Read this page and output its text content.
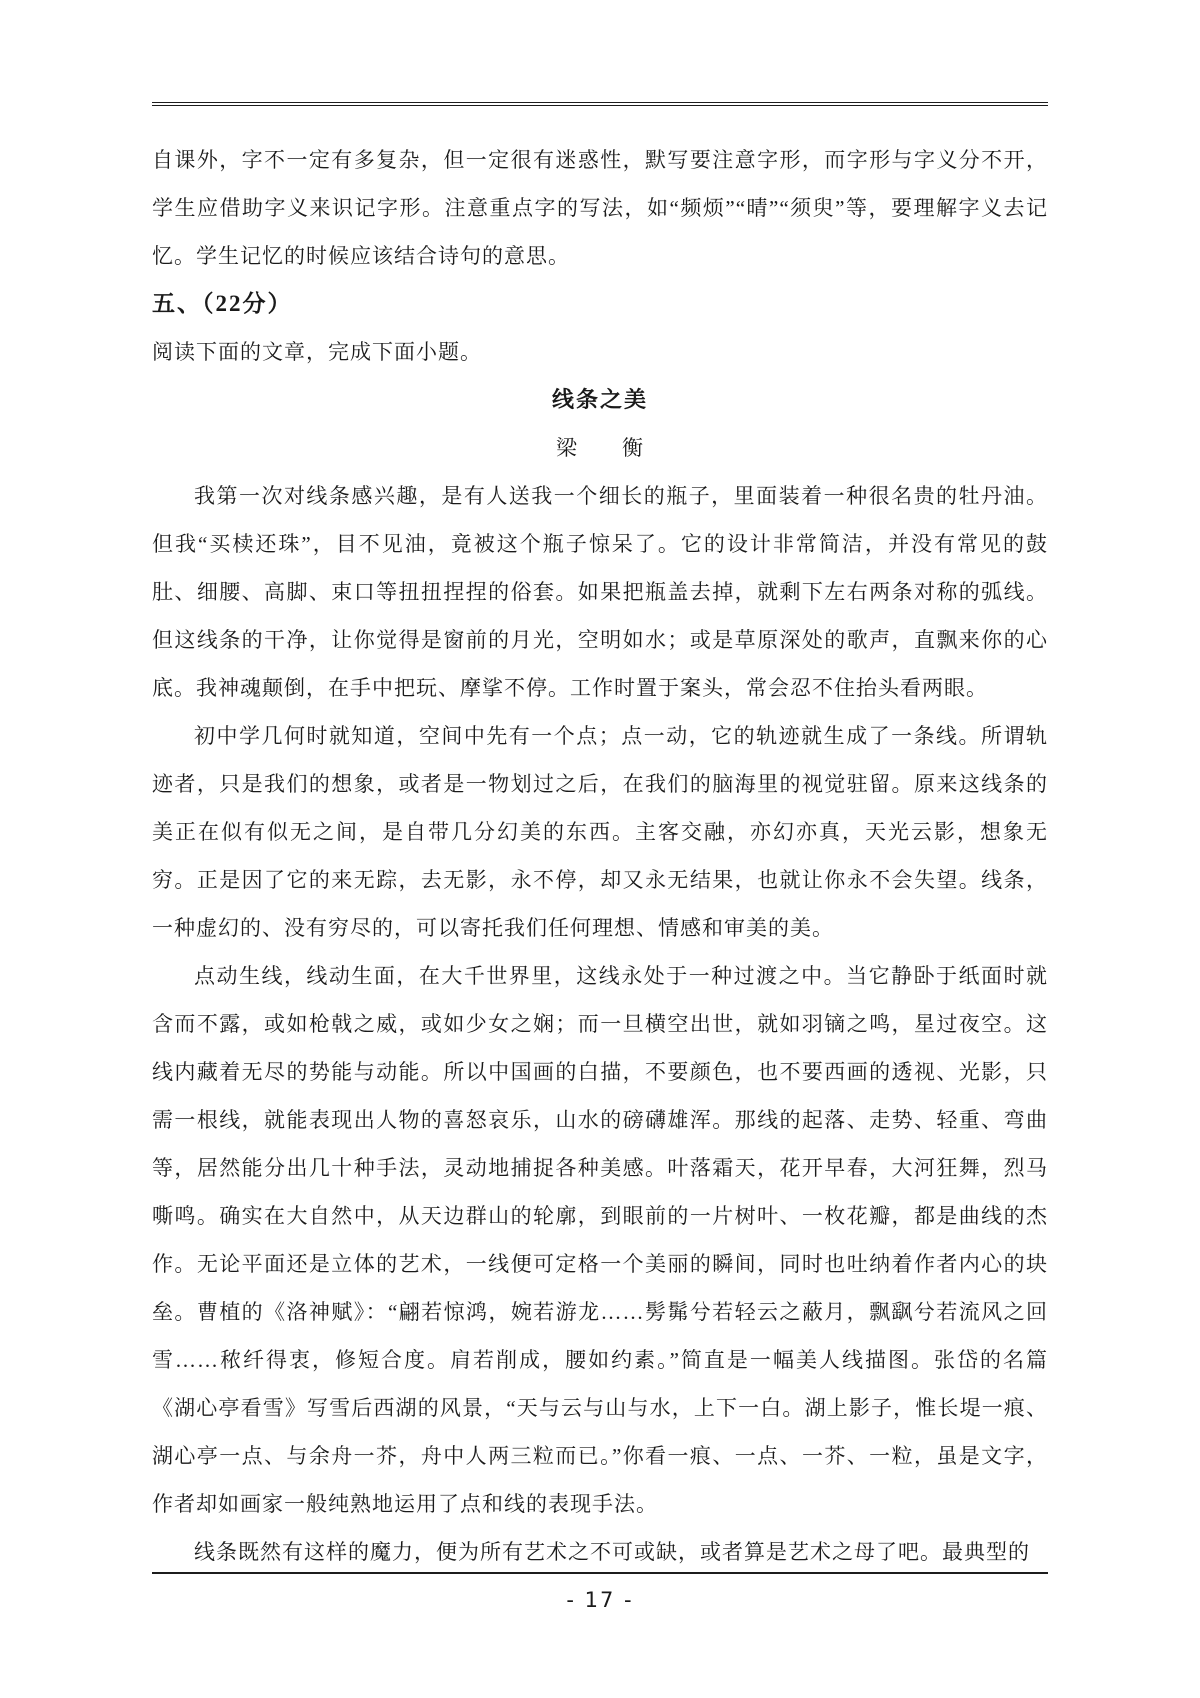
自课外，字不一定有多复杂，但一定很有迷惑性，默写要注意字形，而字形与字义分不开，学生应借助字义来识记字形。注意重点字的写法，如“频烦”“晴”“须臾”等，要理解字义去记忆。学生记忆的时候应该结合诗句的意思。

五、（22分）

阅读下面的文章，完成下面小题。

线条之美

梁　　衡

我第一次对线条感兴趣，是有人送我一个细长的瓶子，里面装着一种很名贵的牡丹油。但我“买椟还珠”，目不见油，竟被这个瓶子惊呆了。它的设计非常简洁，并没有常见的鼓肚、细腰、高脚、束口等扭扭捏捏的俗套。如果把瓶盖去掉，就剩下左右两条对称的弧线。但这线条的干净，让你觉得是窗前的月光，空明如水；或是草原深处的歌声，直飘来你的心底。我神魂颠倒，在手中把玩、摩挲不停。工作时置于案头，常会忍不住抬头看两眼。

初中学几何时就知道，空间中先有一个点；点一动，它的轨迹就生成了一条线。所谓轨迹者，只是我们的想象，或者是一物划过之后，在我们的脑海里的视觉驻留。原来这线条的美正在似有似无之间，是自带几分幻美的东西。主客交融，亦幻亦真，天光云影，想象无穷。正是因了它的来无踪，去无影，永不停，却又永无结果，也就让你永不会失望。线条，一种虚幻的、没有穷尽的，可以寄托我们任何理想、情感和审美的美。

点动生线，线动生面，在大千世界里，这线永处于一种过渡之中。当它静卧于纸面时就含而不露，或如枪戟之威，或如少女之娴；而一旦横空出世，就如羽镝之鸣，星过夜空。这线内藏着无尽的势能与动能。所以中国画的白描，不要颜色，也不要西画的透视、光影，只需一根线，就能表现出人物的喜怒哀乐，山水的磅礴雄浑。那线的起落、走势、轻重、弯曲等，居然能分出几十种手法，灵动地捕捉各种美感。叶落霜天，花开早春，大河狂舞，烈马嘶鸣。确实在大自然中，从天边群山的轮廓，到眼前的一片树叶、一枚花瓣，都是曲线的杰作。无论平面还是立体的艺术，一线便可定格一个美丽的瞬间，同时也吐纳着作者内心的块垒。曹植的《洛神赋》：“翩若惊鸿，婉若游龙……髣髴兮若轻云之蔽月，飘飖兮若流风之回雪……秾纤得衷，修短合度。肩若削成，腰如约素。”简直是一幅美人线描图。张岱的名篇《湖心亭看雪》写雪后西湖的风景，“天与云与山与水，上下一白。湖上影子，惟长堤一痕、湖心亭一点、与余舟一芥，舟中人两三粒而已。”你看一痕、一点、一芥、一粒，虽是文字，作者却如画家一般纯熟地运用了点和线的表现手法。

线条既然有这样的魔力，便为所有艺术之不可或缺，或者算是艺术之母了吧。最典型的

- 17 -
